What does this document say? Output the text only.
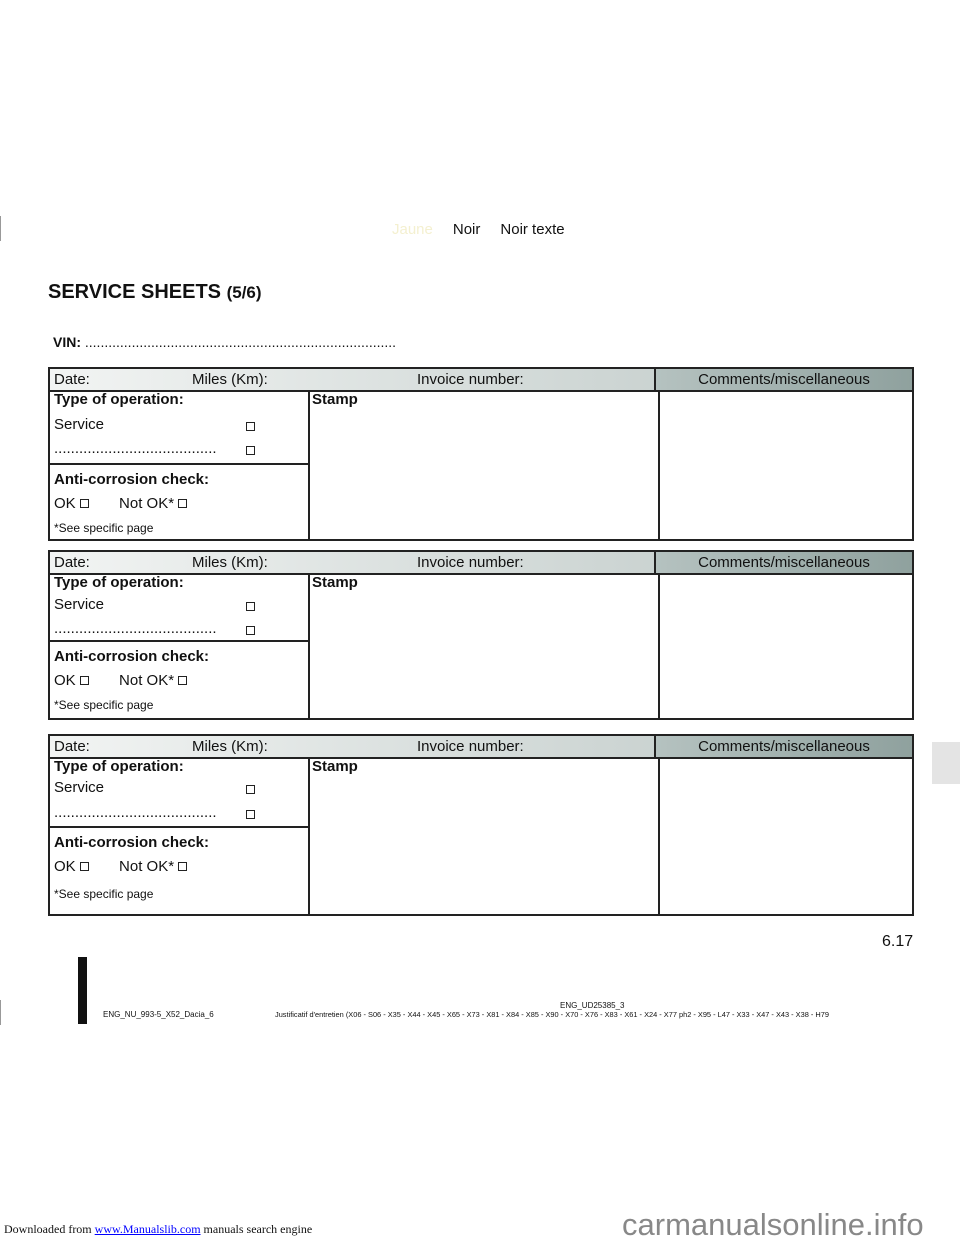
Jaune Noir Noir texte
SERVICE SHEETS (5/6)
VIN: ................................................................................
Date:	Miles (Km):	Invoice number:	Comments/miscellaneous
Type of operation:
Service
.......................................
Anti-corrosion check:
OK	Not OK*
*See specific page
Stamp
Date:	Miles (Km):	Invoice number:	Comments/miscellaneous
Type of operation:
Service
.......................................
Anti-corrosion check:
OK	Not OK*
*See specific page
Stamp
Date:	Miles (Km):	Invoice number:	Comments/miscellaneous
Type of operation:
Service
.......................................
Anti-corrosion check:
OK	Not OK*
*See specific page
Stamp
6.17
ENG_NU_993-5_X52_Dacia_6
ENG_UD25385_3
Justificatif d'entretien (X06 - S06 - X35 - X44 - X45 - X65 - X73 - X81 - X84 - X85 - X90 - X70 - X76 - X83 - X61 - X24 - X77 ph2 - X95 - L47 - X33 - X47 - X43 - X38 - H79
Downloaded from www.Manualslib.com manuals search engine	carmanualsonline.info
